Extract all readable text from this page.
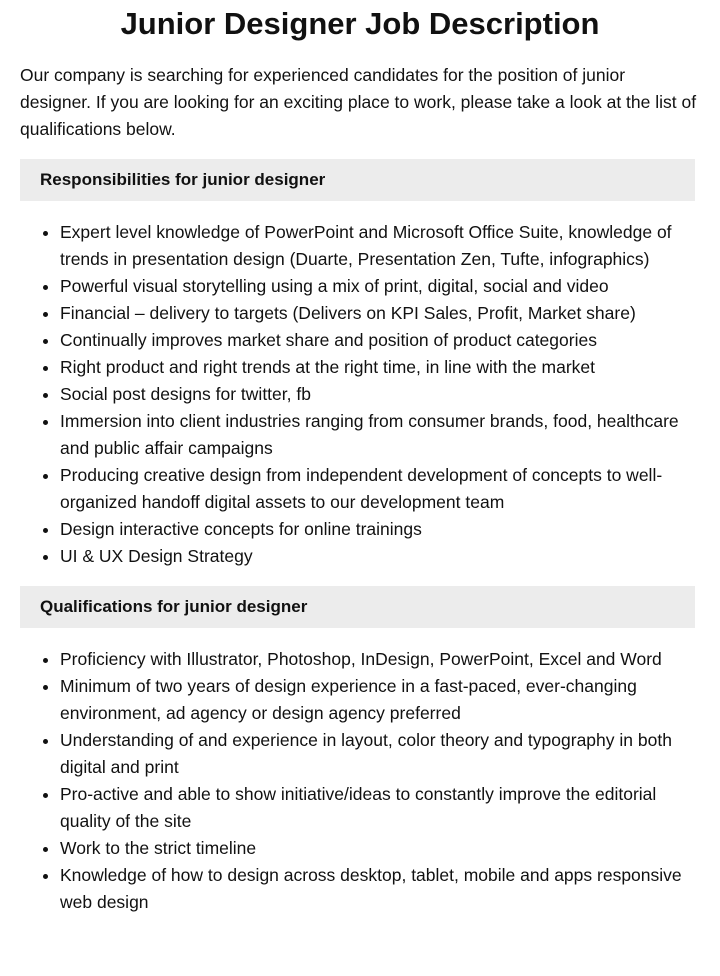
Junior Designer Job Description

Our company is searching for experienced candidates for the position of junior designer. If you are looking for an exciting place to work, please take a look at the list of qualifications below.

Responsibilities for junior designer
• Expert level knowledge of PowerPoint and Microsoft Office Suite, knowledge of trends in presentation design (Duarte, Presentation Zen, Tufte, infographics)
• Powerful visual storytelling using a mix of print, digital, social and video
• Financial – delivery to targets (Delivers on KPI Sales, Profit, Market share)
• Continually improves market share and position of product categories
• Right product and right trends at the right time, in line with the market
• Social post designs for twitter, fb
• Immersion into client industries ranging from consumer brands, food, healthcare and public affair campaigns
• Producing creative design from independent development of concepts to well-organized handoff digital assets to our development team
• Design interactive concepts for online trainings
• UI & UX Design Strategy
Qualifications for junior designer
• Proficiency with Illustrator, Photoshop, InDesign, PowerPoint, Excel and Word
• Minimum of two years of design experience in a fast-paced, ever-changing environment, ad agency or design agency preferred
• Understanding of and experience in layout, color theory and typography in both digital and print
• Pro-active and able to show initiative/ideas to constantly improve the editorial quality of the site
• Work to the strict timeline
• Knowledge of how to design across desktop, tablet, mobile and apps responsive web design
